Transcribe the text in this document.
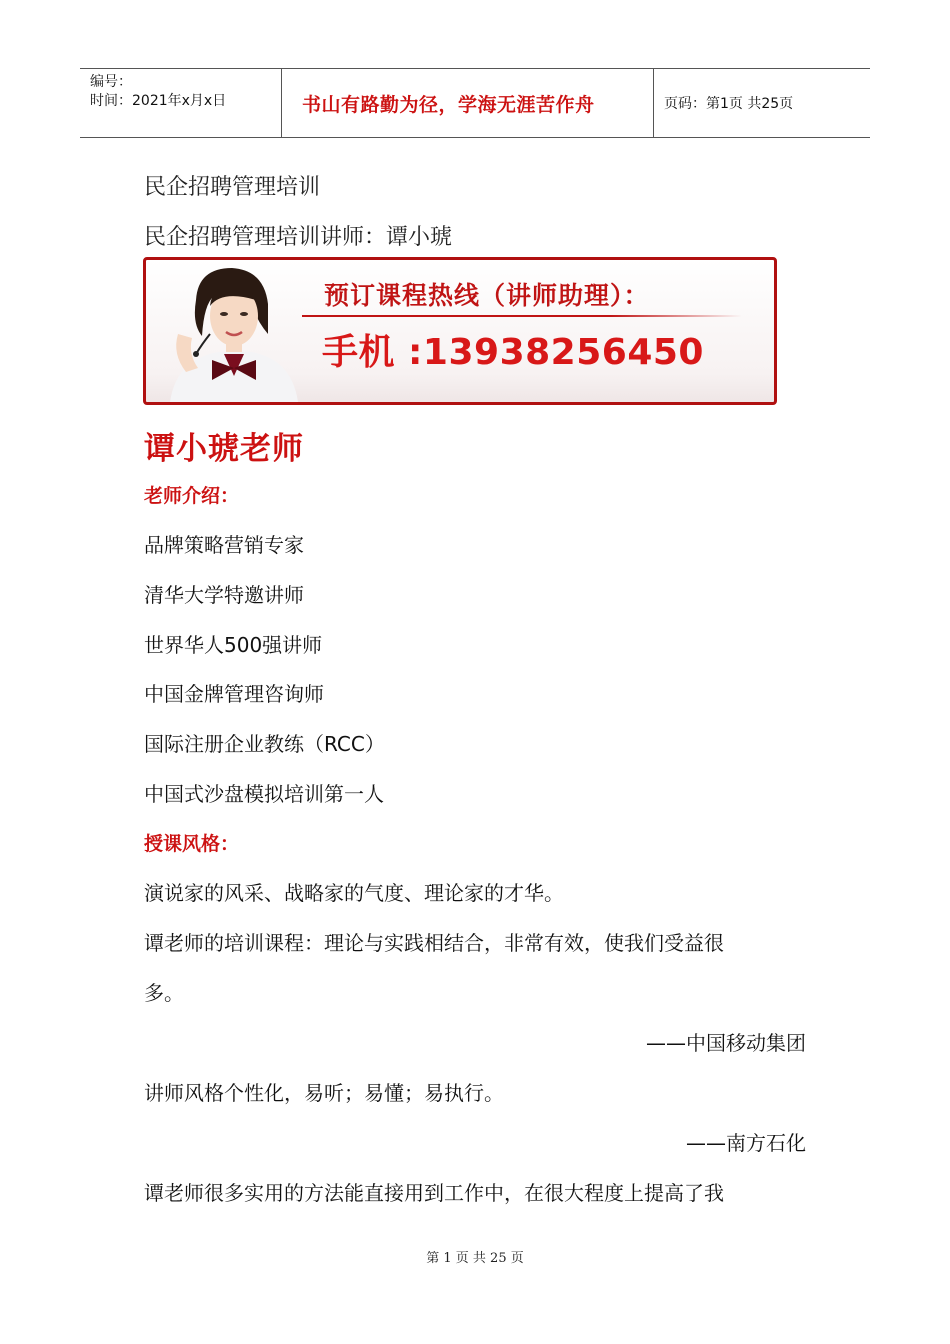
编号：
时间：2021年x月x日	书山有路勤为径，学海无涯苦作舟	页码：第1页 共25页
民企招聘管理培训
民企招聘管理培训讲师：谭小琥
预订课程热线（讲师助理）：
手机 :13938256450
谭小琥老师
老师介绍：
品牌策略营销专家
清华大学特邀讲师
世界华人500强讲师
中国金牌管理咨询师
国际注册企业教练（RCC）
中国式沙盘模拟培训第一人
授课风格：
演说家的风采、战略家的气度、理论家的才华。
谭老师的培训课程：理论与实践相结合，非常有效，使我们受益很
多。
——中国移动集团
讲师风格个性化，易听；易懂；易执行。
——南方石化
谭老师很多实用的方法能直接用到工作中，在很大程度上提高了我
第 1 页 共 25 页
